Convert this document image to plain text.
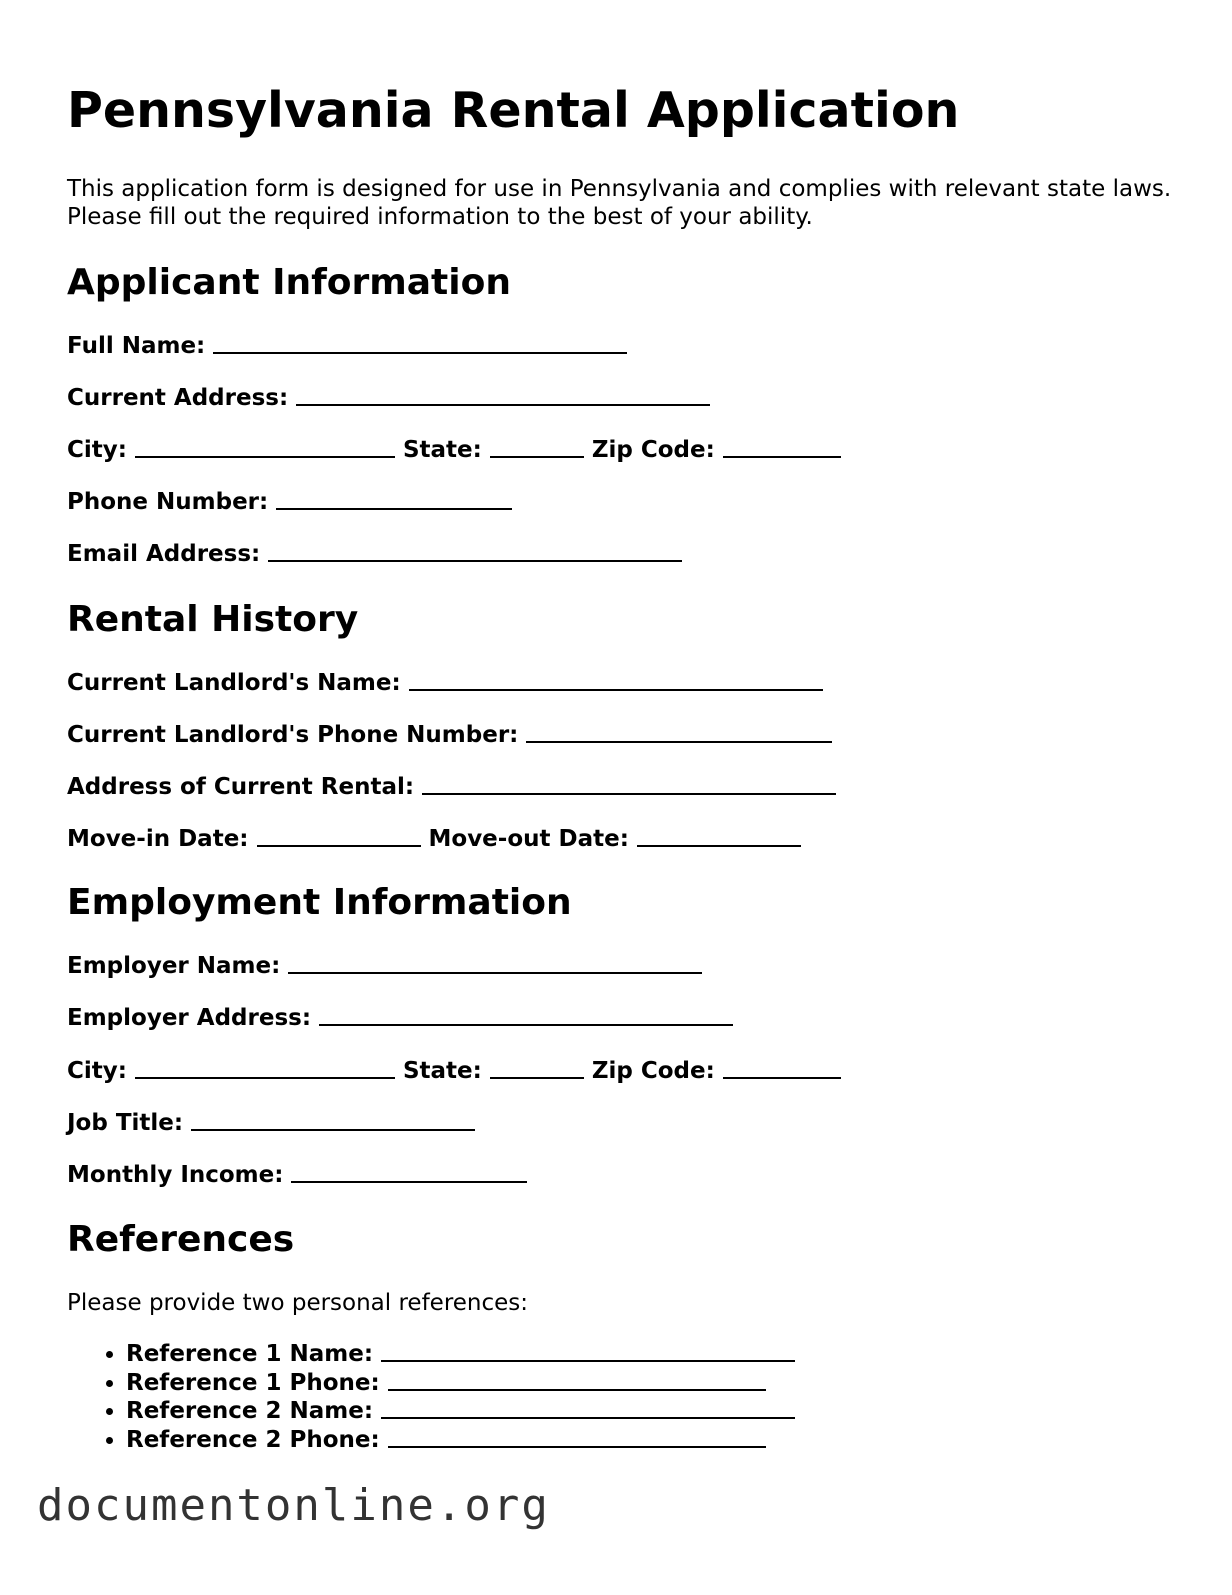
Pennsylvania Rental Application

This application form is designed for use in Pennsylvania and complies with relevant state laws. Please fill out the required information to the best of your ability.

Applicant Information
Full Name:
Current Address:
City:	State:	Zip Code:
Phone Number:
Email Address:
Rental History
Current Landlord's Name:
Current Landlord's Phone Number:
Address of Current Rental:
Move-in Date:	Move-out Date:
Employment Information
Employer Name:
Employer Address:
City:	State:	Zip Code:
Job Title:
Monthly Income:
References

Please provide two personal references:

• Reference 1 Name:
• Reference 1 Phone:
• Reference 2 Name:
• Reference 2 Phone:
documentonline.org
